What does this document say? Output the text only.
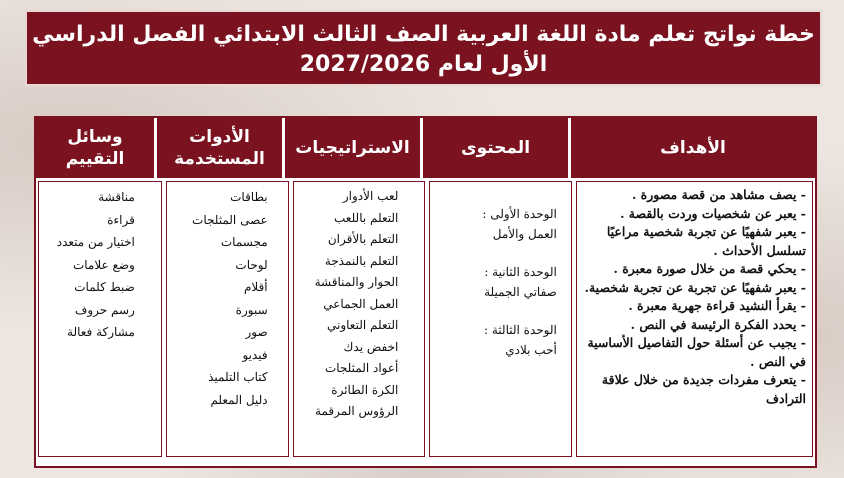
خطة نواتج تعلم مادة اللغة العربية الصف الثالث الابتدائي الفصل الدراسي
الأول لعام 2027/2026
الأهداف
المحتوى
الاستراتيجيات
الأدوات المستخدمة
وسائل التقييم
- يصف مشاهد من قصة مصورة .
- يعبر عن شخصيات وردت بالقصة .
- يعبر شفهيًا عن تجربة شخصية مراعيًا تسلسل الأحداث .
- يحكي قصة من خلال صورة معبرة .
- يعبر شفهيًا عن تجربة عن تجربة شخصية.
- يقرأ النشيد قراءة جهرية معبرة .
- يحدد الفكرة الرئيسة في النص .
- يجيب عن أسئلة حول التفاصيل الأساسية في النص .
- يتعرف مفردات جديدة من خلال علاقة الترادف
الوحدة الأولى :
العمل والأمل
الوحدة الثانية :
صفاتي الجميلة
الوحدة الثالثة :
أحب بلادي
لعب الأدوار
التعلم باللعب
التعلم بالأقران
التعلم بالنمذجة
الحوار والمناقشة
العمل الجماعي
التعلم التعاوني
اخفض يدك
أعواد المثلجات
الكرة الطائرة
الرؤوس المرقمة
بطاقات
عصى المثلجات
مجسمات
لوحات
أقلام
سبورة
صور
فيديو
كتاب التلميذ
دليل المعلم
مناقشة
قراءة
اختيار من متعدد
وضع علامات
ضبط كلمات
رسم حروف
مشاركة فعالة
